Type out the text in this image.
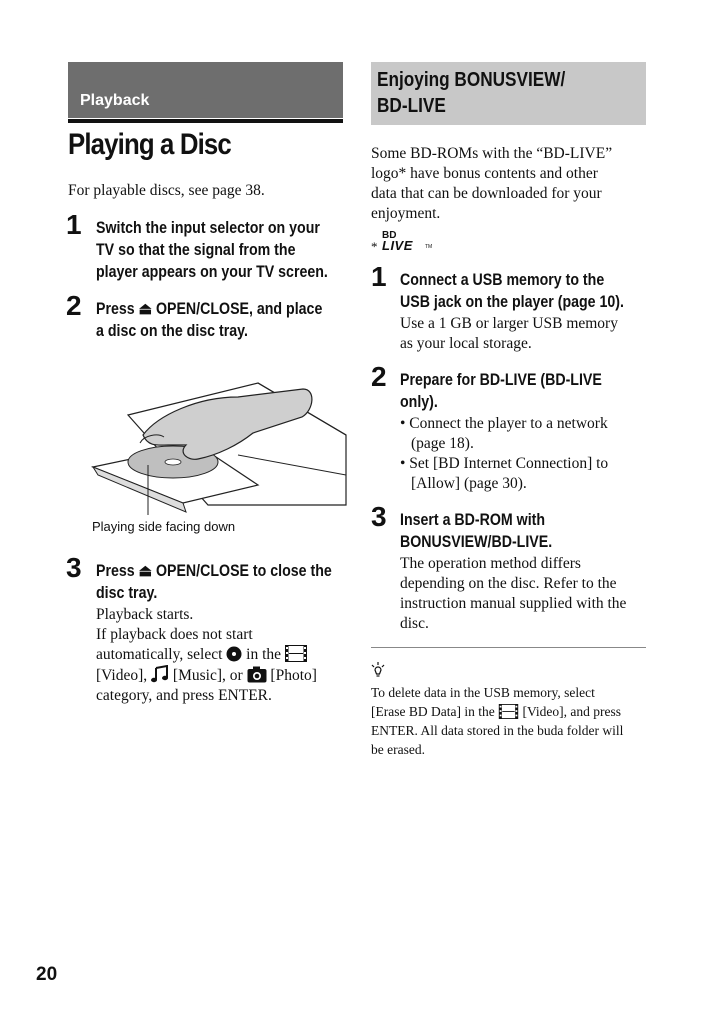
Playback
Playing a Disc
For playable discs, see page 38.
1 Switch the input selector on your
TV so that the signal from the
player appears on your TV screen.
2 Press ⏏ OPEN/CLOSE, and place
a disc on the disc tray.
Playing side facing down
3 Press ⏏ OPEN/CLOSE to close the
disc tray.
Playback starts.
If playback does not start
automatically, select in the
[Video], [Music], or [Photo]
category, and press ENTER.
Enjoying BONUSVIEW/
BD-LIVE
Some BD-ROMs with the “BD-LIVE”
logo* have bonus contents and other
data that can be downloaded for your
enjoyment.
*
BD
LIVE TM
1 Connect a USB memory to the
USB jack on the player (page 10).
Use a 1 GB or larger USB memory
as your local storage.
2 Prepare for BD-LIVE (BD-LIVE
only).
• Connect the player to a network
(page 18).
• Set [BD Internet Connection] to
[Allow] (page 30).
3 Insert a BD-ROM with
BONUSVIEW/BD-LIVE.
The operation method differs
depending on the disc. Refer to the
instruction manual supplied with the
disc.
To delete data in the USB memory, select
[Erase BD Data] in the [Video], and press
ENTER. All data stored in the buda folder will
be erased.
20
